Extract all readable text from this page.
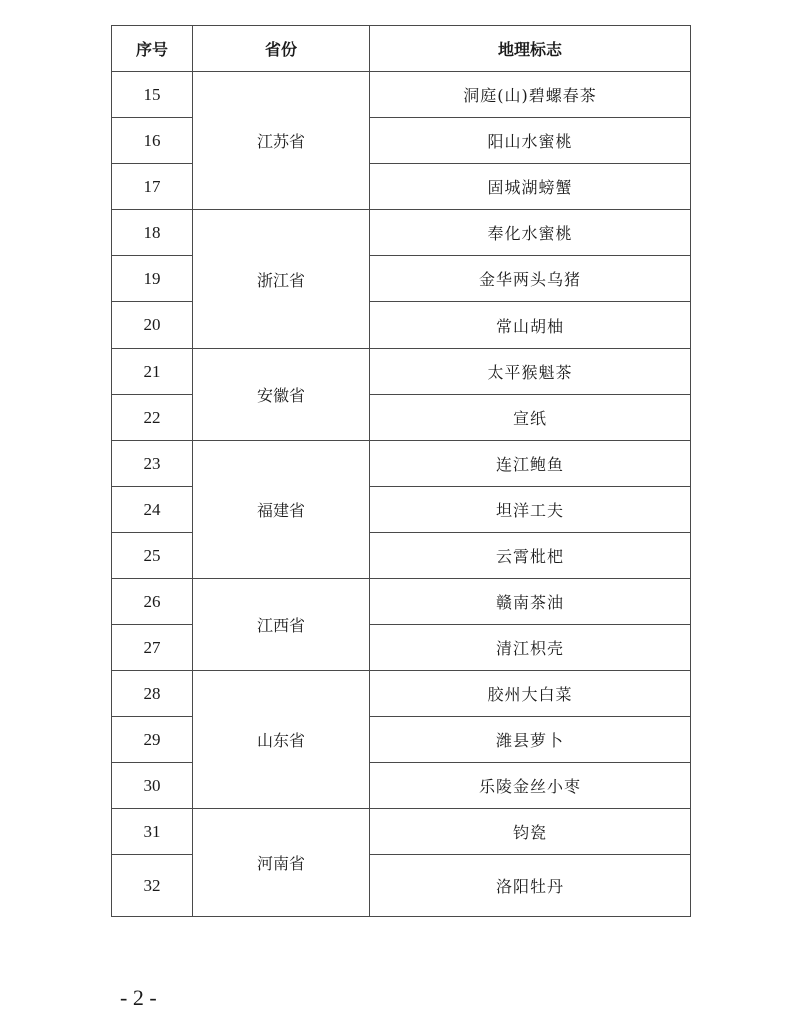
序号	省份	地理标志
15	江苏省	洞庭(山)碧螺春茶
16		阳山水蜜桃
17		固城湖螃蟹
18	浙江省	奉化水蜜桃
19		金华两头乌猪
20		常山胡柚
21	安徽省	太平猴魁茶
22		宣纸
23	福建省	连江鲍鱼
24		坦洋工夫
25		云霄枇杷
26	江西省	赣南茶油
27		清江枳壳
28	山东省	胶州大白菜
29		潍县萝卜
30		乐陵金丝小枣
31	河南省	钧瓷
32		洛阳牡丹
- 2 -
